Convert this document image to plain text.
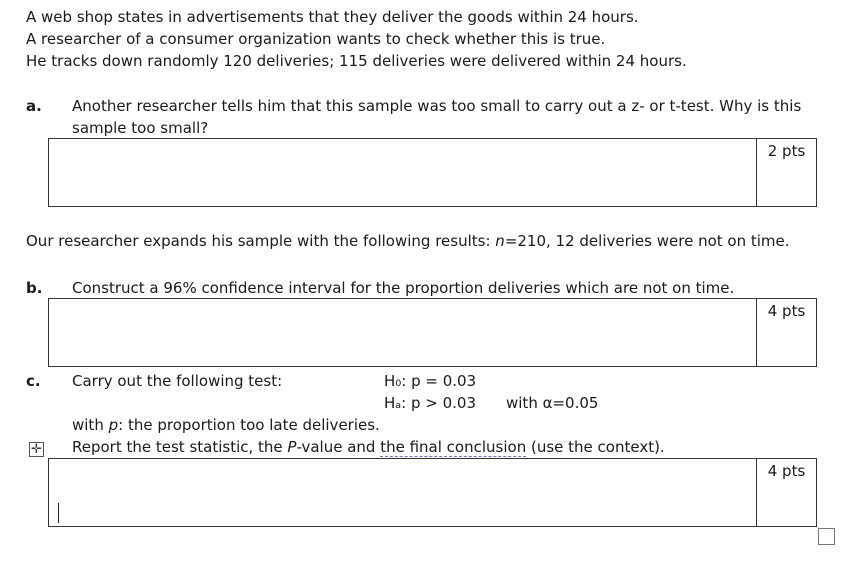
A web shop states in advertisements that they deliver the goods within 24 hours.
A researcher of a consumer organization wants to check whether this is true.
He tracks down randomly 120 deliveries; 115 deliveries were delivered within 24 hours.
a. Another researcher tells him that this sample was too small to carry out a z- or t-test. Why is this
sample too small?
2 pts
Our researcher expands his sample with the following results: n=210, 12 deliveries were not on time.
b. Construct a 96% confidence interval for the proportion deliveries which are not on time.
4 pts
c. Carry out the following test:	H₀: p = 0.03
Hₐ: p > 0.03 with α=0.05
with p: the proportion too late deliveries.
✛ Report the test statistic, the P-value and the final conclusion (use the context).
4 pts
